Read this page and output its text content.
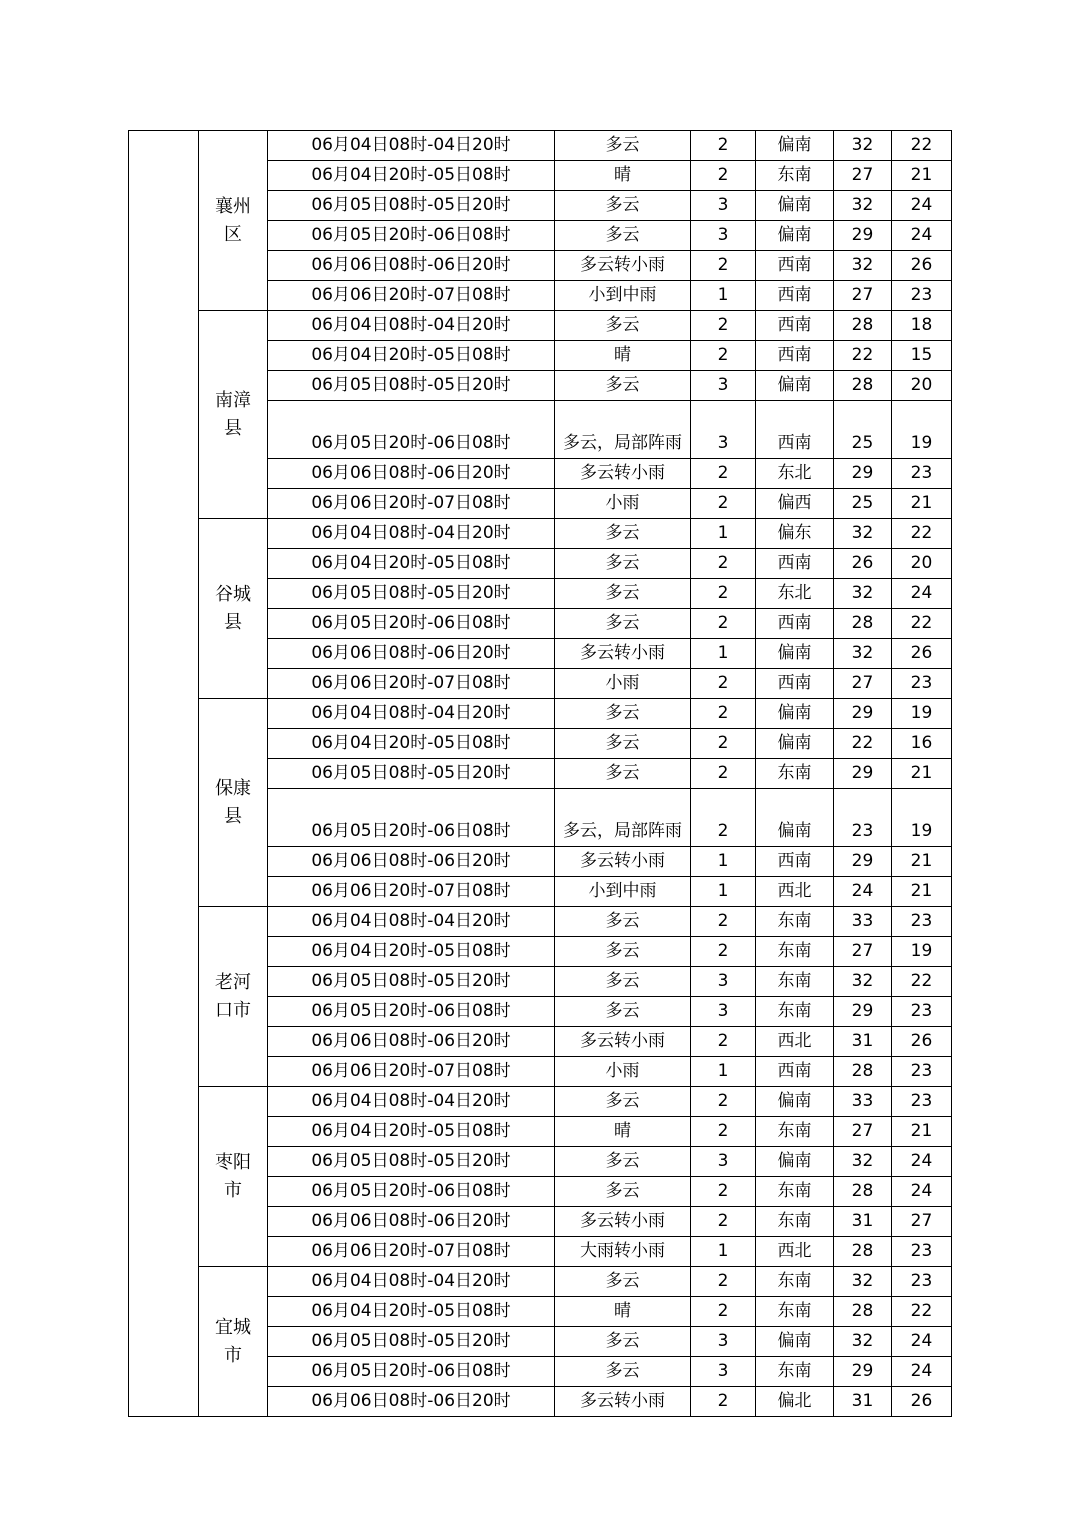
	襄州区	06月04日08时-04日20时	多云	2	偏南	32	22
		06月04日20时-05日08时	晴	2	东南	27	21
		06月05日08时-05日20时	多云	3	偏南	32	24
		06月05日20时-06日08时	多云	3	偏南	29	24
		06月06日08时-06日20时	多云转小雨	2	西南	32	26
		06月06日20时-07日08时	小到中雨	1	西南	27	23
	南漳县	06月04日08时-04日20时	多云	2	西南	28	18
		06月04日20时-05日08时	晴	2	西南	22	15
		06月05日08时-05日20时	多云	3	偏南	28	20
		06月05日20时-06日08时	多云，局部阵雨	3	西南	25	19
		06月06日08时-06日20时	多云转小雨	2	东北	29	23
		06月06日20时-07日08时	小雨	2	偏西	25	21
	谷城县	06月04日08时-04日20时	多云	1	偏东	32	22
		06月04日20时-05日08时	多云	2	西南	26	20
		06月05日08时-05日20时	多云	2	东北	32	24
		06月05日20时-06日08时	多云	2	西南	28	22
		06月06日08时-06日20时	多云转小雨	1	偏南	32	26
		06月06日20时-07日08时	小雨	2	西南	27	23
	保康县	06月04日08时-04日20时	多云	2	偏南	29	19
		06月04日20时-05日08时	多云	2	偏南	22	16
		06月05日08时-05日20时	多云	2	东南	29	21
		06月05日20时-06日08时	多云，局部阵雨	2	偏南	23	19
		06月06日08时-06日20时	多云转小雨	1	西南	29	21
		06月06日20时-07日08时	小到中雨	1	西北	24	21
	老河口市	06月04日08时-04日20时	多云	2	东南	33	23
		06月04日20时-05日08时	多云	2	东南	27	19
		06月05日08时-05日20时	多云	3	东南	32	22
		06月05日20时-06日08时	多云	3	东南	29	23
		06月06日08时-06日20时	多云转小雨	2	西北	31	26
		06月06日20时-07日08时	小雨	1	西南	28	23
	枣阳市	06月04日08时-04日20时	多云	2	偏南	33	23
		06月04日20时-05日08时	晴	2	东南	27	21
		06月05日08时-05日20时	多云	3	偏南	32	24
		06月05日20时-06日08时	多云	2	东南	28	24
		06月06日08时-06日20时	多云转小雨	2	东南	31	27
		06月06日20时-07日08时	大雨转小雨	1	西北	28	23
	宜城市	06月04日08时-04日20时	多云	2	东南	32	23
		06月04日20时-05日08时	晴	2	东南	28	22
		06月05日08时-05日20时	多云	3	偏南	32	24
		06月05日20时-06日08时	多云	3	东南	29	24
		06月06日08时-06日20时	多云转小雨	2	偏北	31	26
